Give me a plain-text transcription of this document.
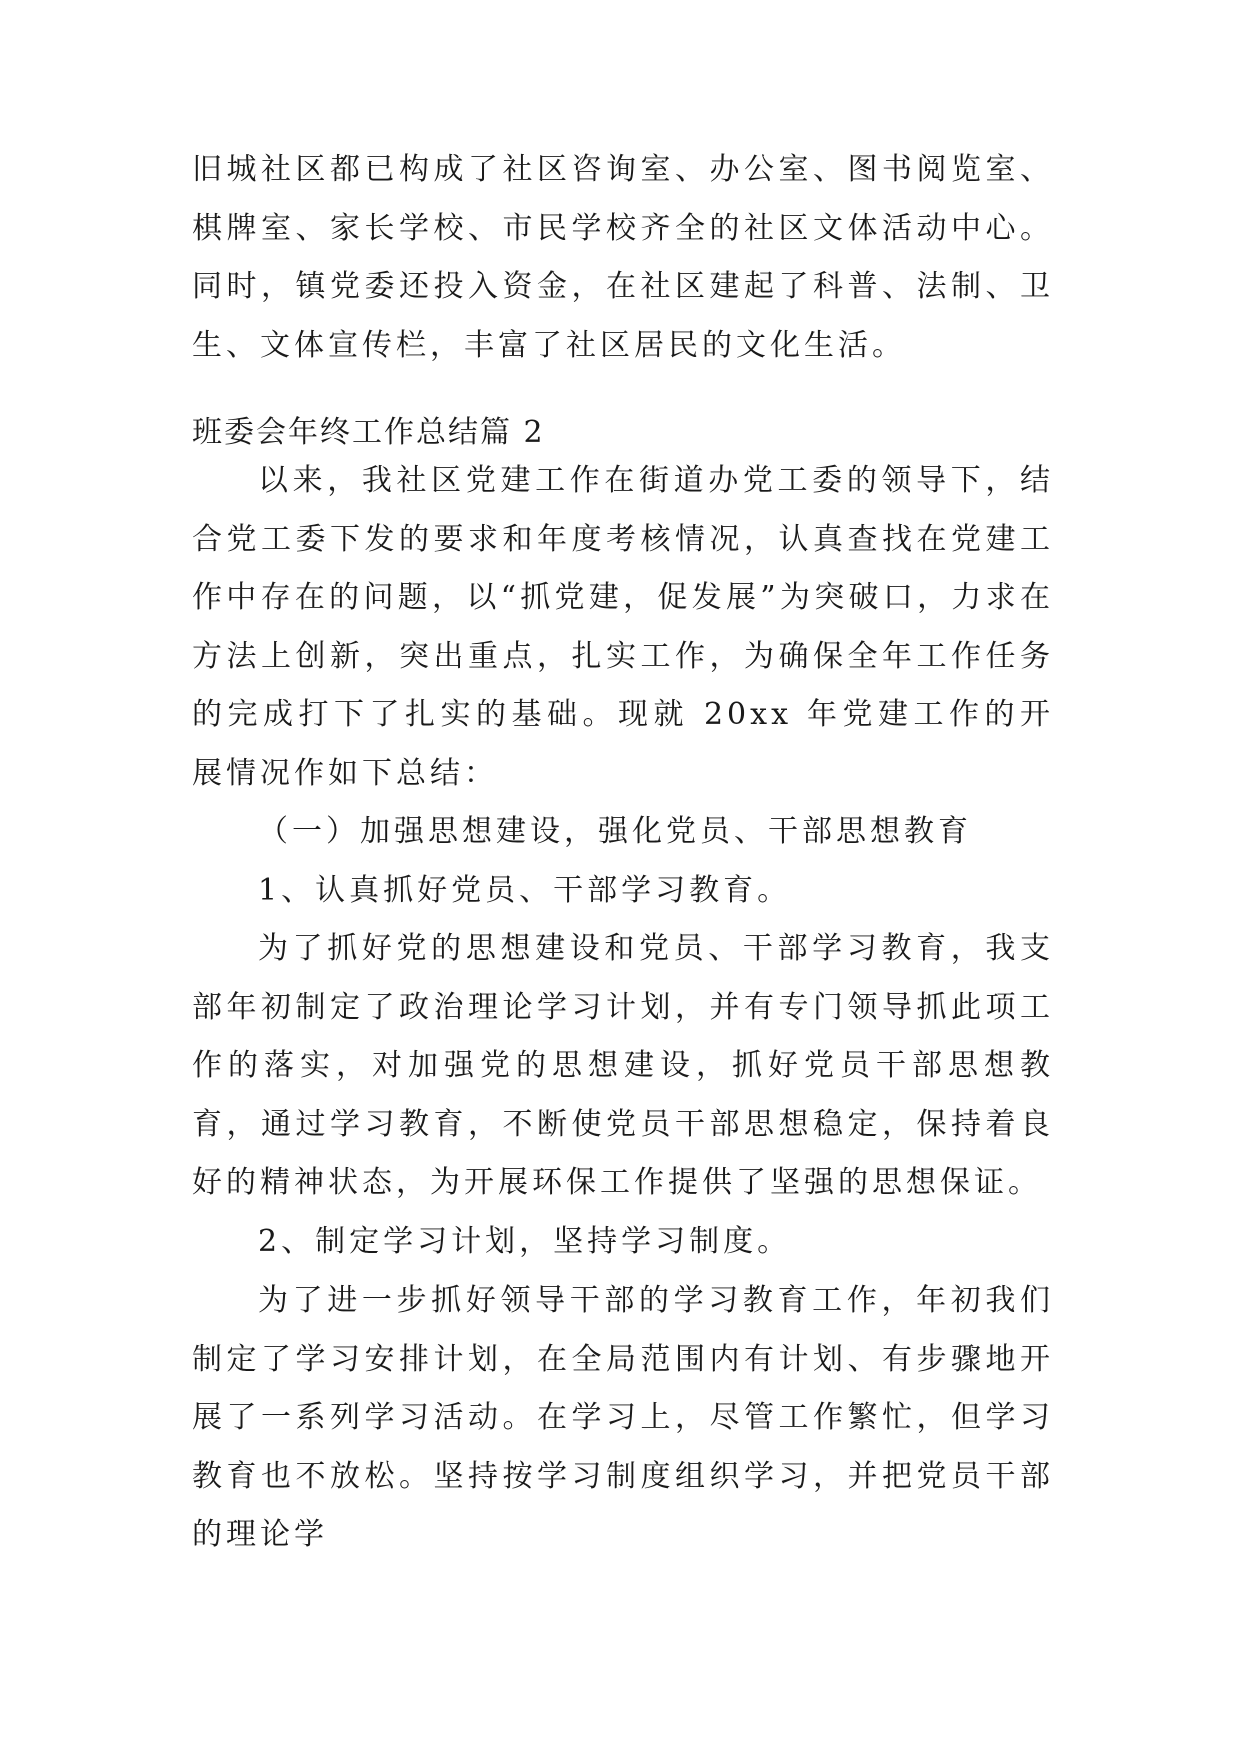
旧城社区都已构成了社区咨询室、办公室、图书阅览室、棋牌室、家长学校、市民学校齐全的社区文体活动中心。同时，镇党委还投入资金，在社区建起了科普、法制、卫生、文体宣传栏，丰富了社区居民的文化生活。

班委会年终工作总结篇 2

以来，我社区党建工作在街道办党工委的领导下，结合党工委下发的要求和年度考核情况，认真查找在党建工作中存在的问题，以“抓党建，促发展”为突破口，力求在方法上创新，突出重点，扎实工作，为确保全年工作任务的完成打下了扎实的基础。现就 20xx 年党建工作的开展情况作如下总结：

（一）加强思想建设，强化党员、干部思想教育

1、认真抓好党员、干部学习教育。

为了抓好党的思想建设和党员、干部学习教育，我支部年初制定了政治理论学习计划，并有专门领导抓此项工作的落实，对加强党的思想建设，抓好党员干部思想教育，通过学习教育，不断使党员干部思想稳定，保持着良好的精神状态，为开展环保工作提供了坚强的思想保证。

2、制定学习计划，坚持学习制度。

为了进一步抓好领导干部的学习教育工作，年初我们制定了学习安排计划，在全局范围内有计划、有步骤地开展了一系列学习活动。在学习上，尽管工作繁忙，但学习教育也不放松。坚持按学习制度组织学习，并把党员干部的理论学
